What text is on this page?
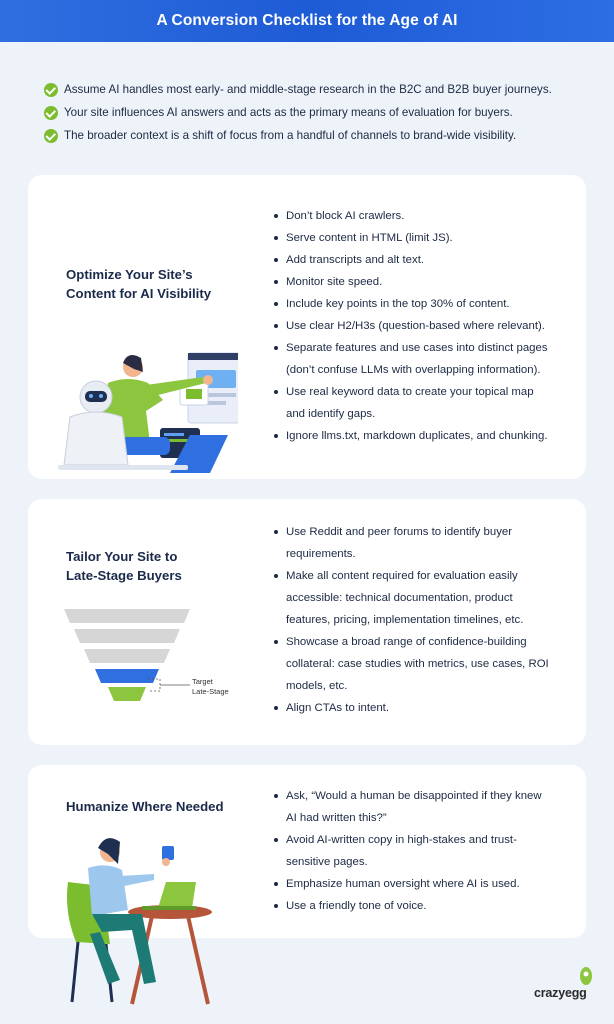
A Conversion Checklist for the Age of AI
Assume AI handles most early- and middle-stage research in the B2C and B2B buyer journeys.
Your site influences AI answers and acts as the primary means of evaluation for buyers.
The broader context is a shift of focus from a handful of channels to brand-wide visibility.
Optimize Your Site’s
Content for AI Visibility
Don’t block AI crawlers.
Serve content in HTML (limit JS).
Add transcripts and alt text.
Monitor site speed.
Include key points in the top 30% of content.
Use clear H2/H3s (question-based where relevant).
Separate features and use cases into distinct pages
(don’t confuse LLMs with overlapping information).
Use real keyword data to create your topical map
and identify gaps.
Ignore llms.txt, markdown duplicates, and chunking.
Tailor Your Site to
Late-Stage Buyers
Use Reddit and peer forums to identify buyer
requirements.
Make all content required for evaluation easily
accessible: technical documentation, product
features, pricing, implementation timelines, etc.
Showcase a broad range of confidence-building
collateral: case studies with metrics, use cases, ROI
models, etc.
Align CTAs to intent.
Target
Late-Stage
Humanize Where Needed
Ask, “Would a human be disappointed if they knew
AI had written this?”
Avoid AI-written copy in high-stakes and trust-
sensitive pages.
Emphasize human oversight where AI is used.
Use a friendly tone of voice.
crazyegg
